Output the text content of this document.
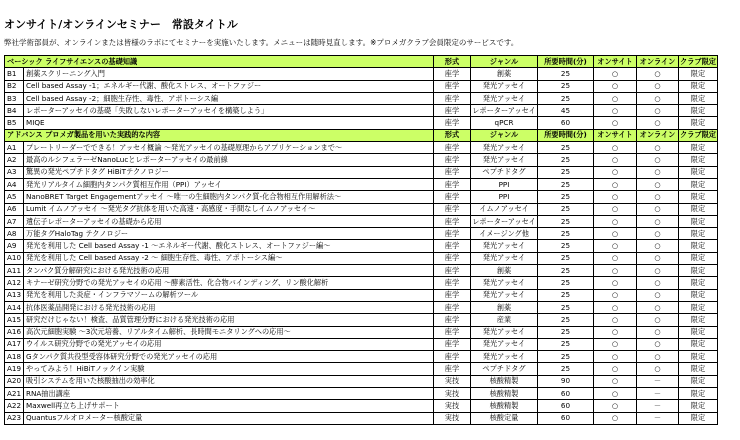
オンサイト/オンラインセミナー　常設タイトル
弊社学術部員が、オンラインまたは皆様のラボにてセミナーを実施いたします。メニューは随時見直します。※プロメガクラブ会員限定のサービスです。
ベーシック ライフサイエンスの基礎知識		形式	ジャンル	所要時間(分)	オンサイト	オンライン	クラブ限定
B1	創薬スクリーニング入門	座学	創薬	25	○	○	限定
B2	Cell based Assay -1；エネルギー代謝、酸化ストレス、オートファジー	座学	発光アッセイ	25	○	○	限定
B3	Cell based Assay -2；細胞生存性、毒性、アポトーシス編	座学	発光アッセイ	25	○	○	限定
B4	レポーターアッセイの基礎「失敗しないレポーターアッセイを構築しよう」	座学	レポーターアッセイ	45	○	○	限定
B5	MIQE	座学	qPCR	60	○	○	限定
アドバンス プロメガ製品を用いた実践的な内容		形式	ジャンル	所要時間(分)	オンサイト	オンライン	クラブ限定
A1	プレートリーダーでできる！アッセイ概論 ～発光アッセイの基礎原理からアプリケーションまで～	座学	発光アッセイ	25	○	○	限定
A2	最高のルシフェラーゼNanoLucとレポーターアッセイの最前線	座学	発光アッセイ	25	○	○	限定
A3	驚異の発光ペプチドタグ HiBiTテクノロジー	座学	ペプチドタグ	25	○	○	限定
A4	発光リアルタイム細胞内タンパク質相互作用（PPI）アッセイ	座学	PPI	25	○	○	限定
A5	NanoBRET Target Engagementアッセイ ～唯一の生細胞内タンパク質-化合物相互作用解析法～	座学	PPI	25	○	○	限定
A6	Lumit イムノアッセイ ～発光タグ抗体を用いた高速・高感度・手間なしイムノアッセイ～	座学	イムノアッセイ	25	○	○	限定
A7	遺伝子レポーターアッセイの基礎から応用	座学	レポーターアッセイ	25	○	○	限定
A8	万能タグHaloTag テクノロジー	座学	イメージング他	25	○	○	限定
A9	発光を利用した Cell based Assay -1 ～エネルギー代謝、酸化ストレス、オートファジー編～	座学	発光アッセイ	25	○	○	限定
A10	発光を利用した Cell based Assay -2 ～ 細胞生存性、毒性、アポトーシス編～	座学	発光アッセイ	25	○	○	限定
A11	タンパク質分解研究における発光技術の応用	座学	創薬	25	○	○	限定
A12	キナーゼ研究分野での発光アッセイの応用 ～酵素活性、化合物バインディング、リン酸化解析	座学	発光アッセイ	25	○	○	限定
A13	発光を利用した炎症・インフラマソームの解析ツール	座学	発光アッセイ	25	○	○	限定
A14	抗体医薬品開発における発光技術の応用	座学	創薬	25	○	○	限定
A15	研究だけじゃない！検査、品質管理分野における発光技術の応用	座学	産業	25	○	○	限定
A16	高次元細胞実験 ～3次元培養、リアルタイム解析、長時間モニタリングへの応用～	座学	発光アッセイ	25	○	○	限定
A17	ウイルス研究分野での発光アッセイの応用	座学	発光アッセイ	25	○	○	限定
A18	Gタンパク質共役型受容体研究分野での発光アッセイの応用	座学	発光アッセイ	25	○	○	限定
A19	やってみよう！HiBiTノックイン実験	座学	ペプチドタグ	25	○	○	限定
A20	吸引システムを用いた核酸抽出の効率化	実技	核酸精製	90	○	－	限定
A21	RNA抽出講座	実技	核酸精製	60	○	－	限定
A22	Maxwell再立ち上げサポート	実技	核酸精製	60	○	－	限定
A23	Quantusフルオロメーター核酸定量	実技	核酸定量	60	○	－	限定
